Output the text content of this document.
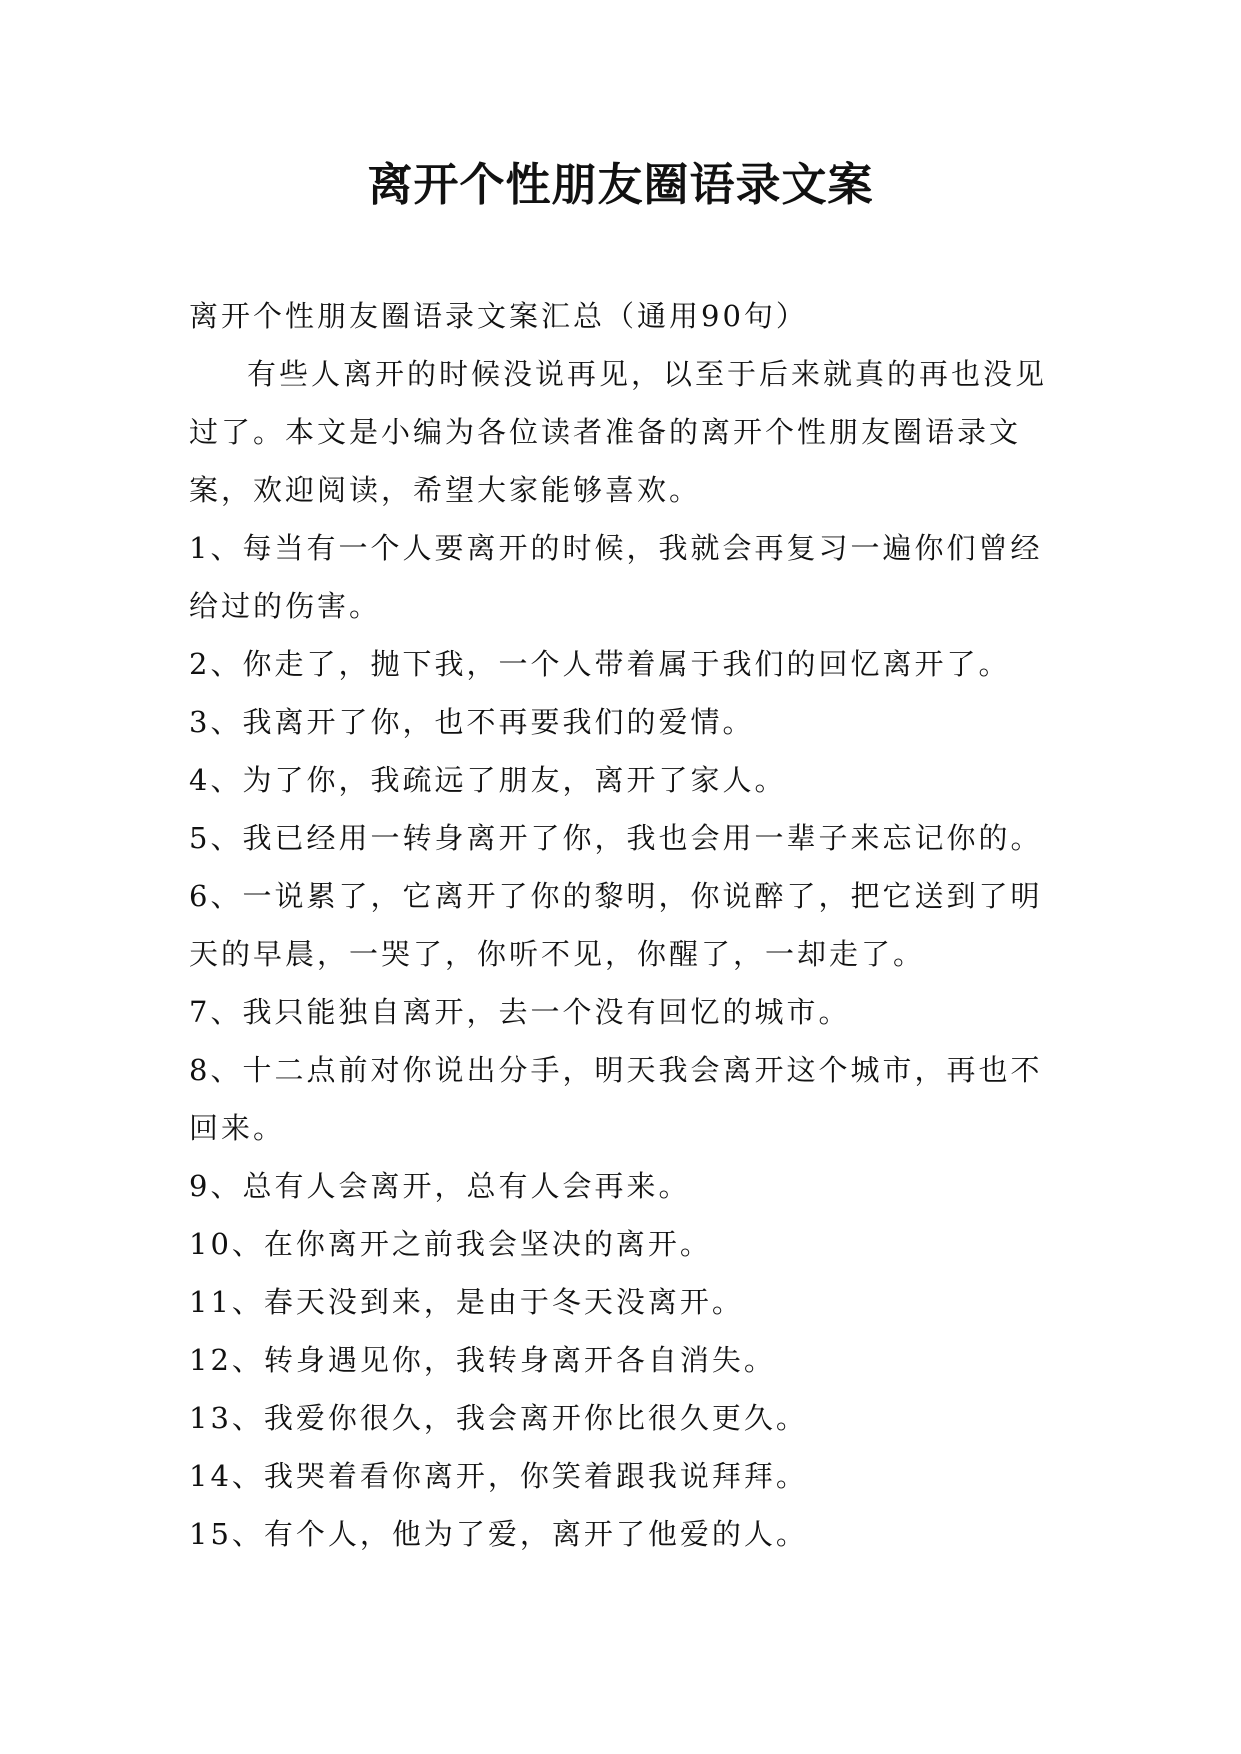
离开个性朋友圈语录文案

离开个性朋友圈语录文案汇总（通用90句）

有些人离开的时候没说再见，以至于后来就真的再也没见过了。本文是小编为各位读者准备的离开个性朋友圈语录文案，欢迎阅读，希望大家能够喜欢。

1、每当有一个人要离开的时候，我就会再复习一遍你们曾经给过的伤害。

2、你走了，抛下我，一个人带着属于我们的回忆离开了。

3、我离开了你，也不再要我们的爱情。

4、为了你，我疏远了朋友，离开了家人。

5、我已经用一转身离开了你，我也会用一辈子来忘记你的。

6、一说累了，它离开了你的黎明，你说醉了，把它送到了明天的早晨，一哭了，你听不见，你醒了，一却走了。

7、我只能独自离开，去一个没有回忆的城市。

8、十二点前对你说出分手，明天我会离开这个城市，再也不回来。

9、总有人会离开，总有人会再来。

10、在你离开之前我会坚决的离开。

11、春天没到来，是由于冬天没离开。

12、转身遇见你，我转身离开各自消失。

13、我爱你很久，我会离开你比很久更久。

14、我哭着看你离开，你笑着跟我说拜拜。

15、有个人，他为了爱，离开了他爱的人。
